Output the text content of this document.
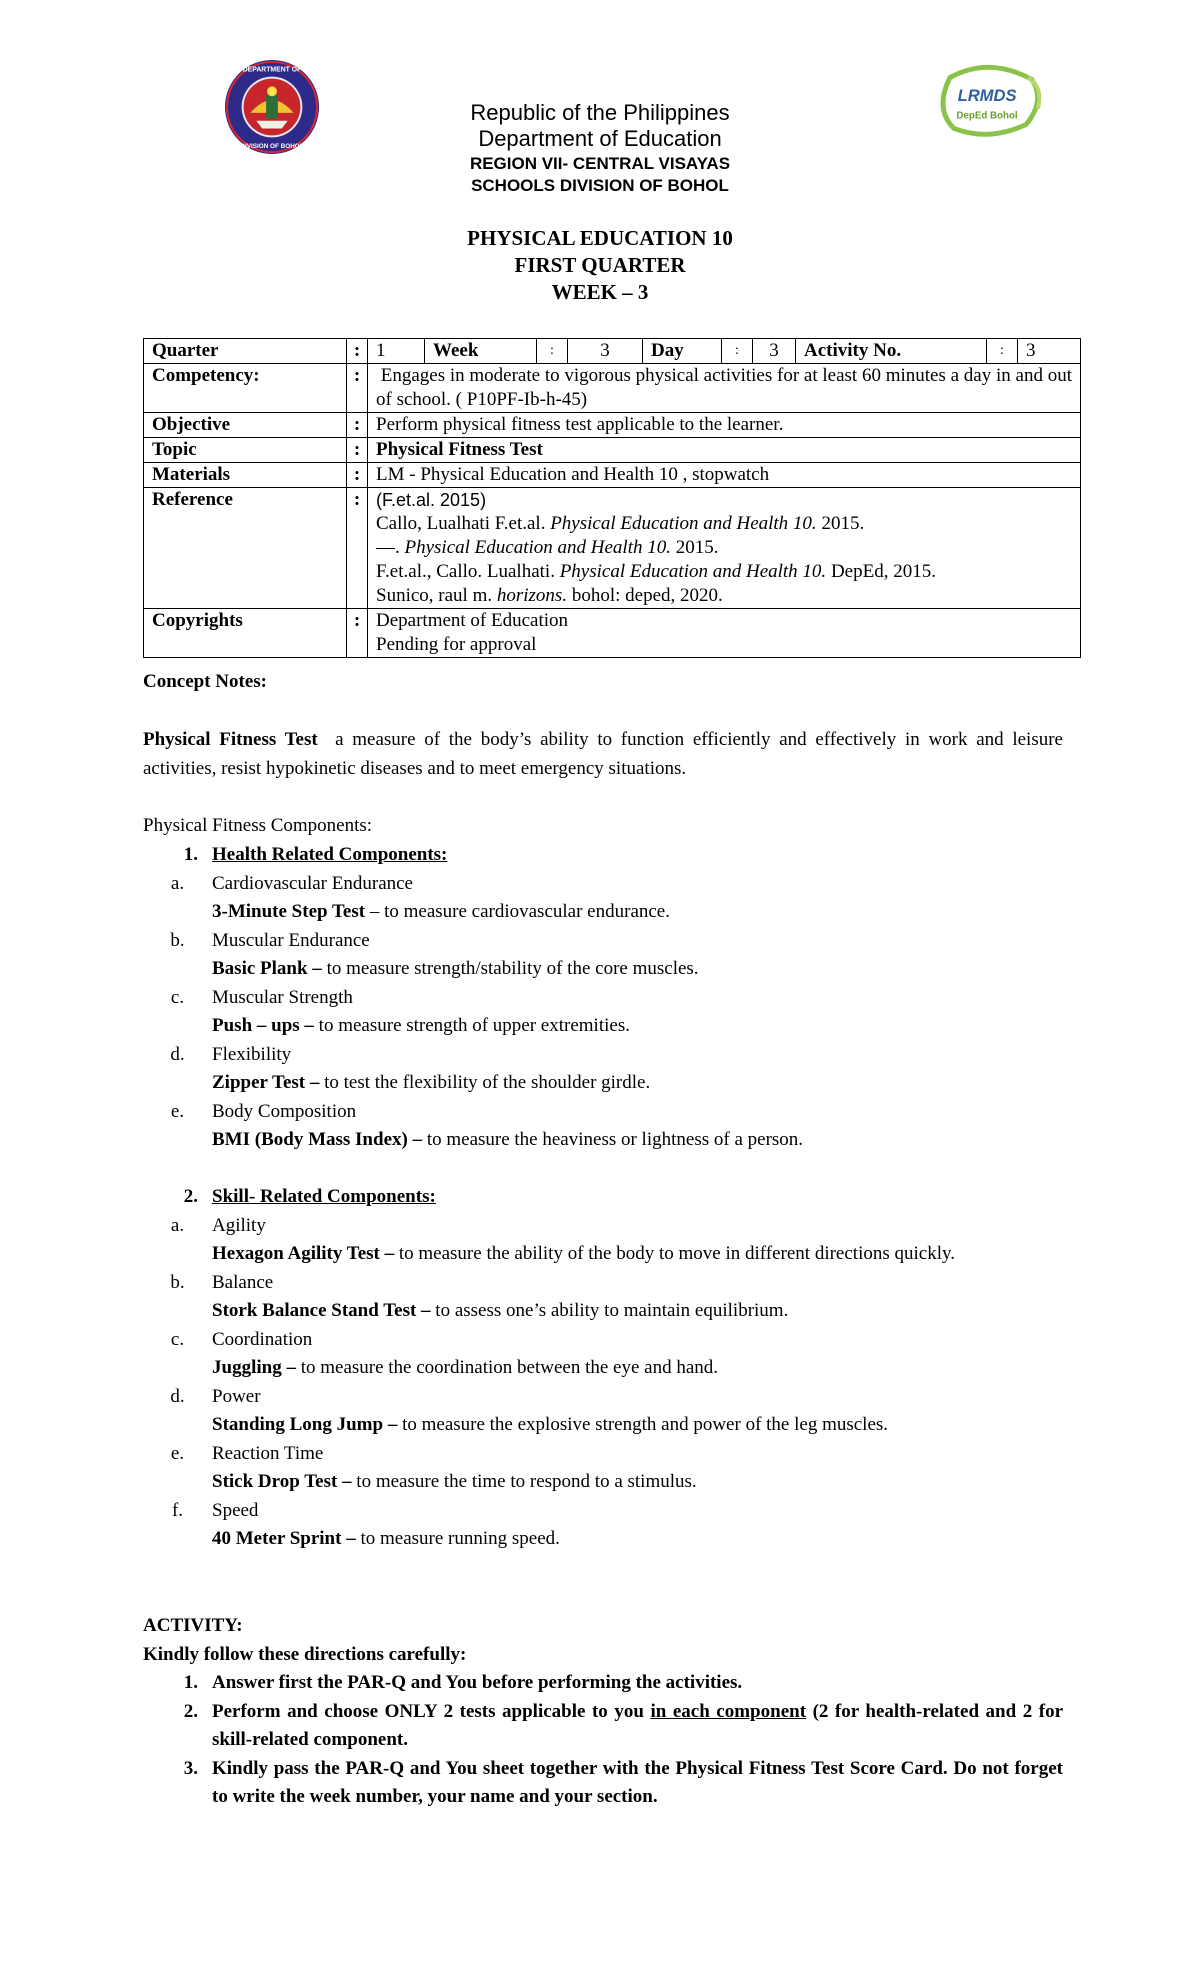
DEPARTMENT OF
DIVISION OF BOHOL
LRMDS
DepEd Bohol
Republic of the Philippines
Department of Education
REGION VII- CENTRAL VISAYAS
SCHOOLS DIVISION OF BOHOL
PHYSICAL EDUCATION 10
FIRST QUARTER
WEEK – 3
Quarter	:	1	Week	:	3	Day	:	3	Activity No.	:	3

Competency:	:	Engages in moderate to vigorous physical activities for at least 60 minutes a day in and out of school. ( P10PF-Ib-h-45)
Objective	:	Perform physical fitness test applicable to the learner.
Topic	:	Physical Fitness Test
Materials	:	LM - Physical Education and Health 10 , stopwatch
Reference	:	(F.et.al. 2015)
Callo, Lualhati F.et.al. Physical Education and Health 10. 2015.
—. Physical Education and Health 10. 2015.
F.et.al., Callo. Lualhati. Physical Education and Health 10. DepEd, 2015.
Sunico, raul m. horizons. bohol: deped, 2020.

Copyrights	:	Department of Education
Pending for approval
Concept Notes:
Physical Fitness Test  a measure of the body’s ability to function efficiently and effectively in work and leisure activities, resist hypokinetic diseases and to meet emergency situations.
Physical Fitness Components:
1. Health Related Components:
a.	Cardiovascular Endurance
3-Minute Step Test – to measure cardiovascular endurance.
b.	Muscular Endurance
Basic Plank – to measure strength/stability of the core muscles.
c.	Muscular Strength
Push – ups – to measure strength of upper extremities.
d.	Flexibility
Zipper Test – to test the flexibility of the shoulder girdle.
e.	Body Composition
BMI (Body Mass Index) – to measure the heaviness or lightness of a person.
2. Skill- Related Components:
a.	Agility
Hexagon Agility Test – to measure the ability of the body to move in different directions quickly.
b.	Balance
Stork Balance Stand Test – to assess one’s ability to maintain equilibrium.
c.	Coordination
Juggling – to measure the coordination between the eye and hand.
d.	Power
Standing Long Jump – to measure the explosive strength and power of the leg muscles.
e.	Reaction Time
Stick Drop Test – to measure the time to respond to a stimulus.
f.	Speed
40 Meter Sprint – to measure running speed.
ACTIVITY:
Kindly follow these directions carefully:
1. Answer first the PAR-Q and You before performing the activities.
2. Perform and choose ONLY 2 tests applicable to you in each component (2 for health-related and 2 for skill-related component.
3. Kindly pass the PAR-Q and You sheet together with the Physical Fitness Test Score Card. Do not forget to write the week number, your name and your section.
